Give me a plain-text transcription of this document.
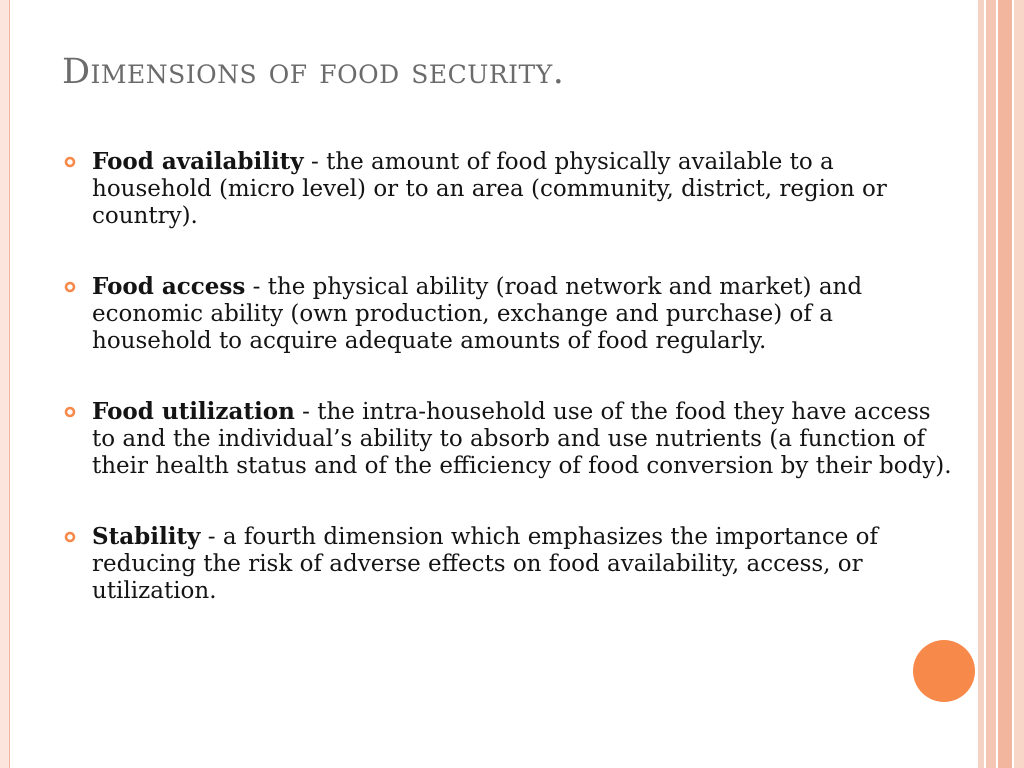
Dimensions of food security.
Food availability - the amount of food physically available to a household (micro level) or to an area (community, district, region or country).
Food access - the physical ability (road network and market) and economic ability (own production, exchange and purchase) of a household to acquire adequate amounts of food regularly.
Food utilization - the intra-household use of the food they have access to and the individual’s ability to absorb and use nutrients (a function of their health status and of the efficiency of food conversion by their body).
Stability - a fourth dimension which emphasizes the importance of reducing the risk of adverse effects on food availability, access, or utilization.
